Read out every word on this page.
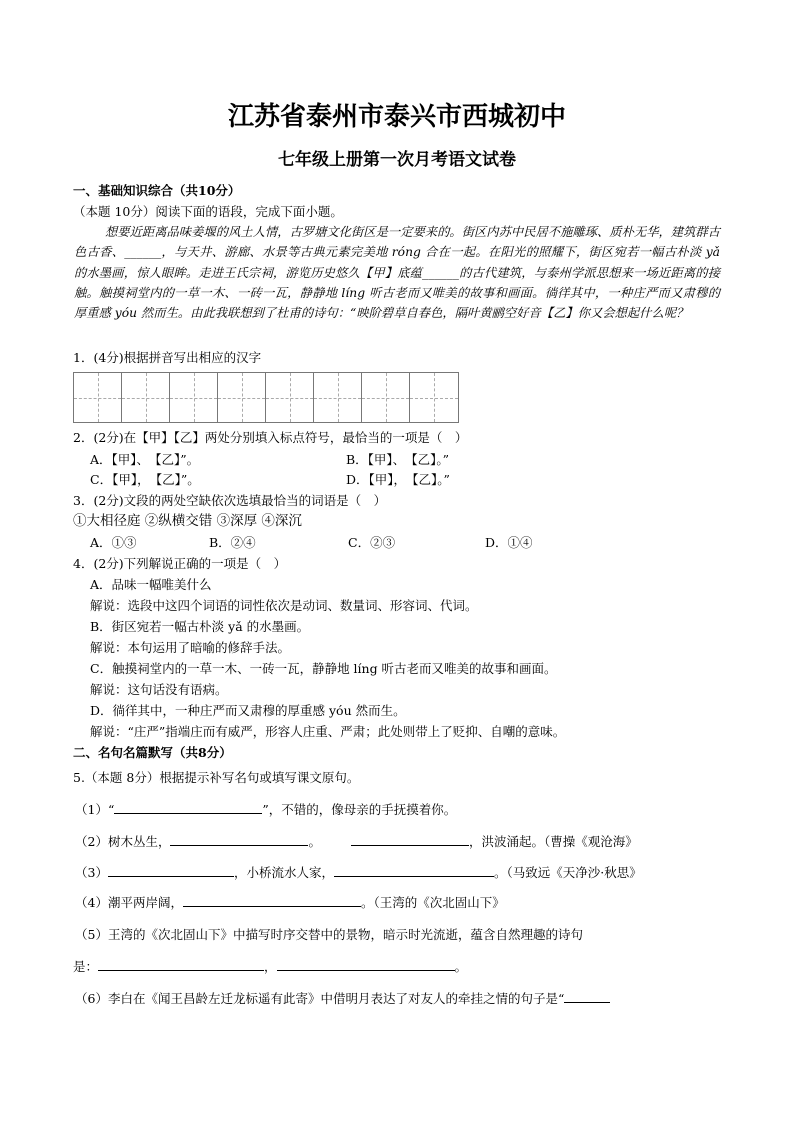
江苏省泰州市泰兴市西城初中
七年级上册第一次月考语文试卷
一、基础知识综合（共10分）
（本题 10分）阅读下面的语段，完成下面小题。
想要近距离品味姜堰的风土人情，古罗塘文化街区是一定要来的。街区内苏中民居不施雕琢、质朴无华，建筑群古色古香、______，与天井、游廊、水景等古典元素完美地 róng 合在一起。在阳光的照耀下，街区宛若一幅古朴淡 yǎ 的水墨画，惊人眼眸。走进王氏宗祠，游览历史悠久【甲】底蕴______的古代建筑，与泰州学派思想来一场近距离的接触。触摸祠堂内的一草一木、一砖一瓦，静静地 líng 听古老而又唯美的故事和画面。徜徉其中，一种庄严而又肃穆的厚重感 yóu 然而生。由此我联想到了杜甫的诗句：“映阶碧草自春色，隔叶黄鹂空好音【乙】你又会想起什么呢？
1．(4分)根据拼音写出相应的汉字
2．(2分)在【甲】【乙】两处分别填入标点符号，最恰当的一项是（　）
A．【甲】、　【乙】”。	B．【甲】、　【乙】。”
C．【甲】，　【乙】”。	D．【甲】，　【乙】。”
3．(2分)文段的两处空缺依次选填最恰当的词语是（　）
①大相径庭 ②纵横交错 ③深厚 ④深沉
A．①③	B．②④	C．②③	D．①④
4．(2分)下列解说正确的一项是（　）
A．品味一幅唯美什么
解说：选段中这四个词语的词性依次是动词、数量词、形容词、代词。
B．街区宛若一幅古朴淡 yǎ 的水墨画。
解说：本句运用了暗喻的修辞手法。
C．触摸祠堂内的一草一木、一砖一瓦，静静地 líng 听古老而又唯美的故事和画面。
解说：这句话没有语病。
D．徜徉其中，一种庄严而又肃穆的厚重感 yóu 然而生。
解说：“庄严”指端庄而有威严，形容人庄重、严肃；此处则带上了贬抑、自嘲的意味。
二、名句名篇默写（共8分）
5.（本题 8分）根据提示补写名句或填写课文原句。
（1）“	”，不错的，像母亲的手抚摸着你。
（2）树木丛生，	。	，洪波涌起。（曹操《观沧海》
（3）	，小桥流水人家，	。（马致远《天净沙·秋思》
（4）潮平两岸阔，	。（王湾的《次北固山下》
（5）王湾的《次北固山下》中描写时序交替中的景物，暗示时光流逝，蕴含自然理趣的诗句
是：	，	。
（6）李白在《闻王昌龄左迁龙标遥有此寄》中借明月表达了对友人的牵挂之情的句子是“
